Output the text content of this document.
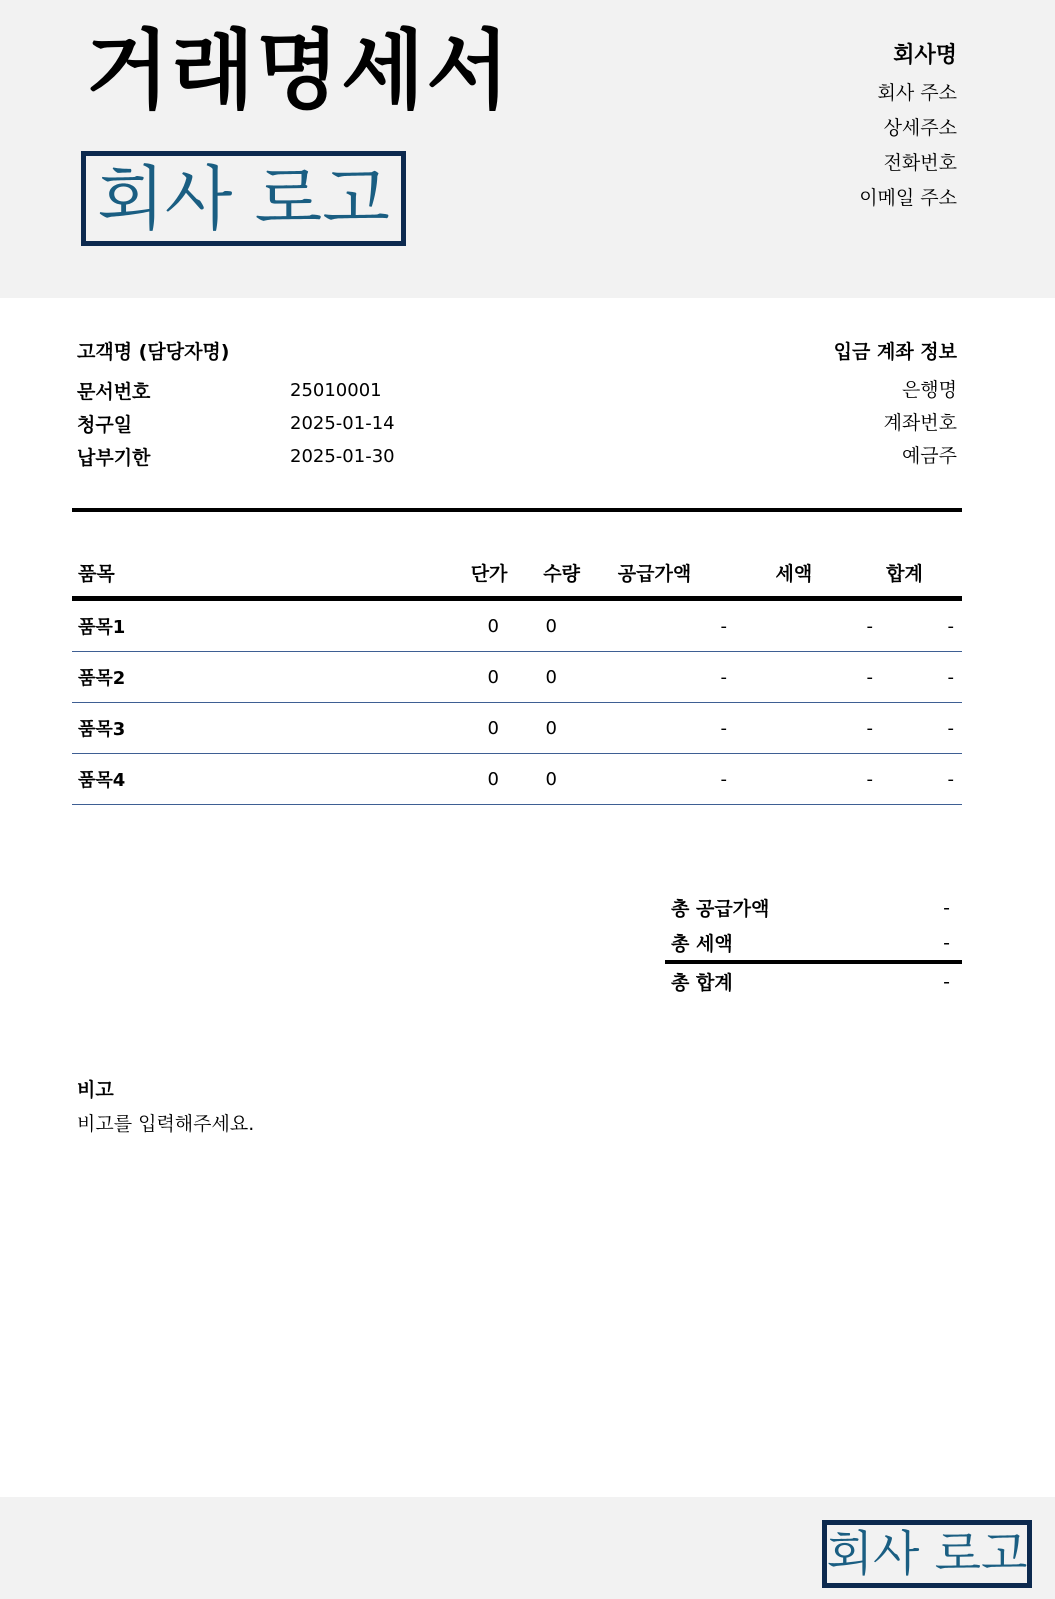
거래명세서
회사 로고
회사명
회사 주소
상세주소
전화번호
이메일 주소
고객명 (담당자명)
문서번호	25010001
청구일	2025-01-14
납부기한	2025-01-30
입금 계좌 정보
은행명
계좌번호
예금주
품목	단가	수량	공급가액	세액	합계
품목1	0	0	-	-	-
품목2	0	0	-	-	-
품목3	0	0	-	-	-
품목4	0	0	-	-	-
총 공급가액	-
총 세액	-
총 합계	-
비고
비고를 입력해주세요.
회사 로고
